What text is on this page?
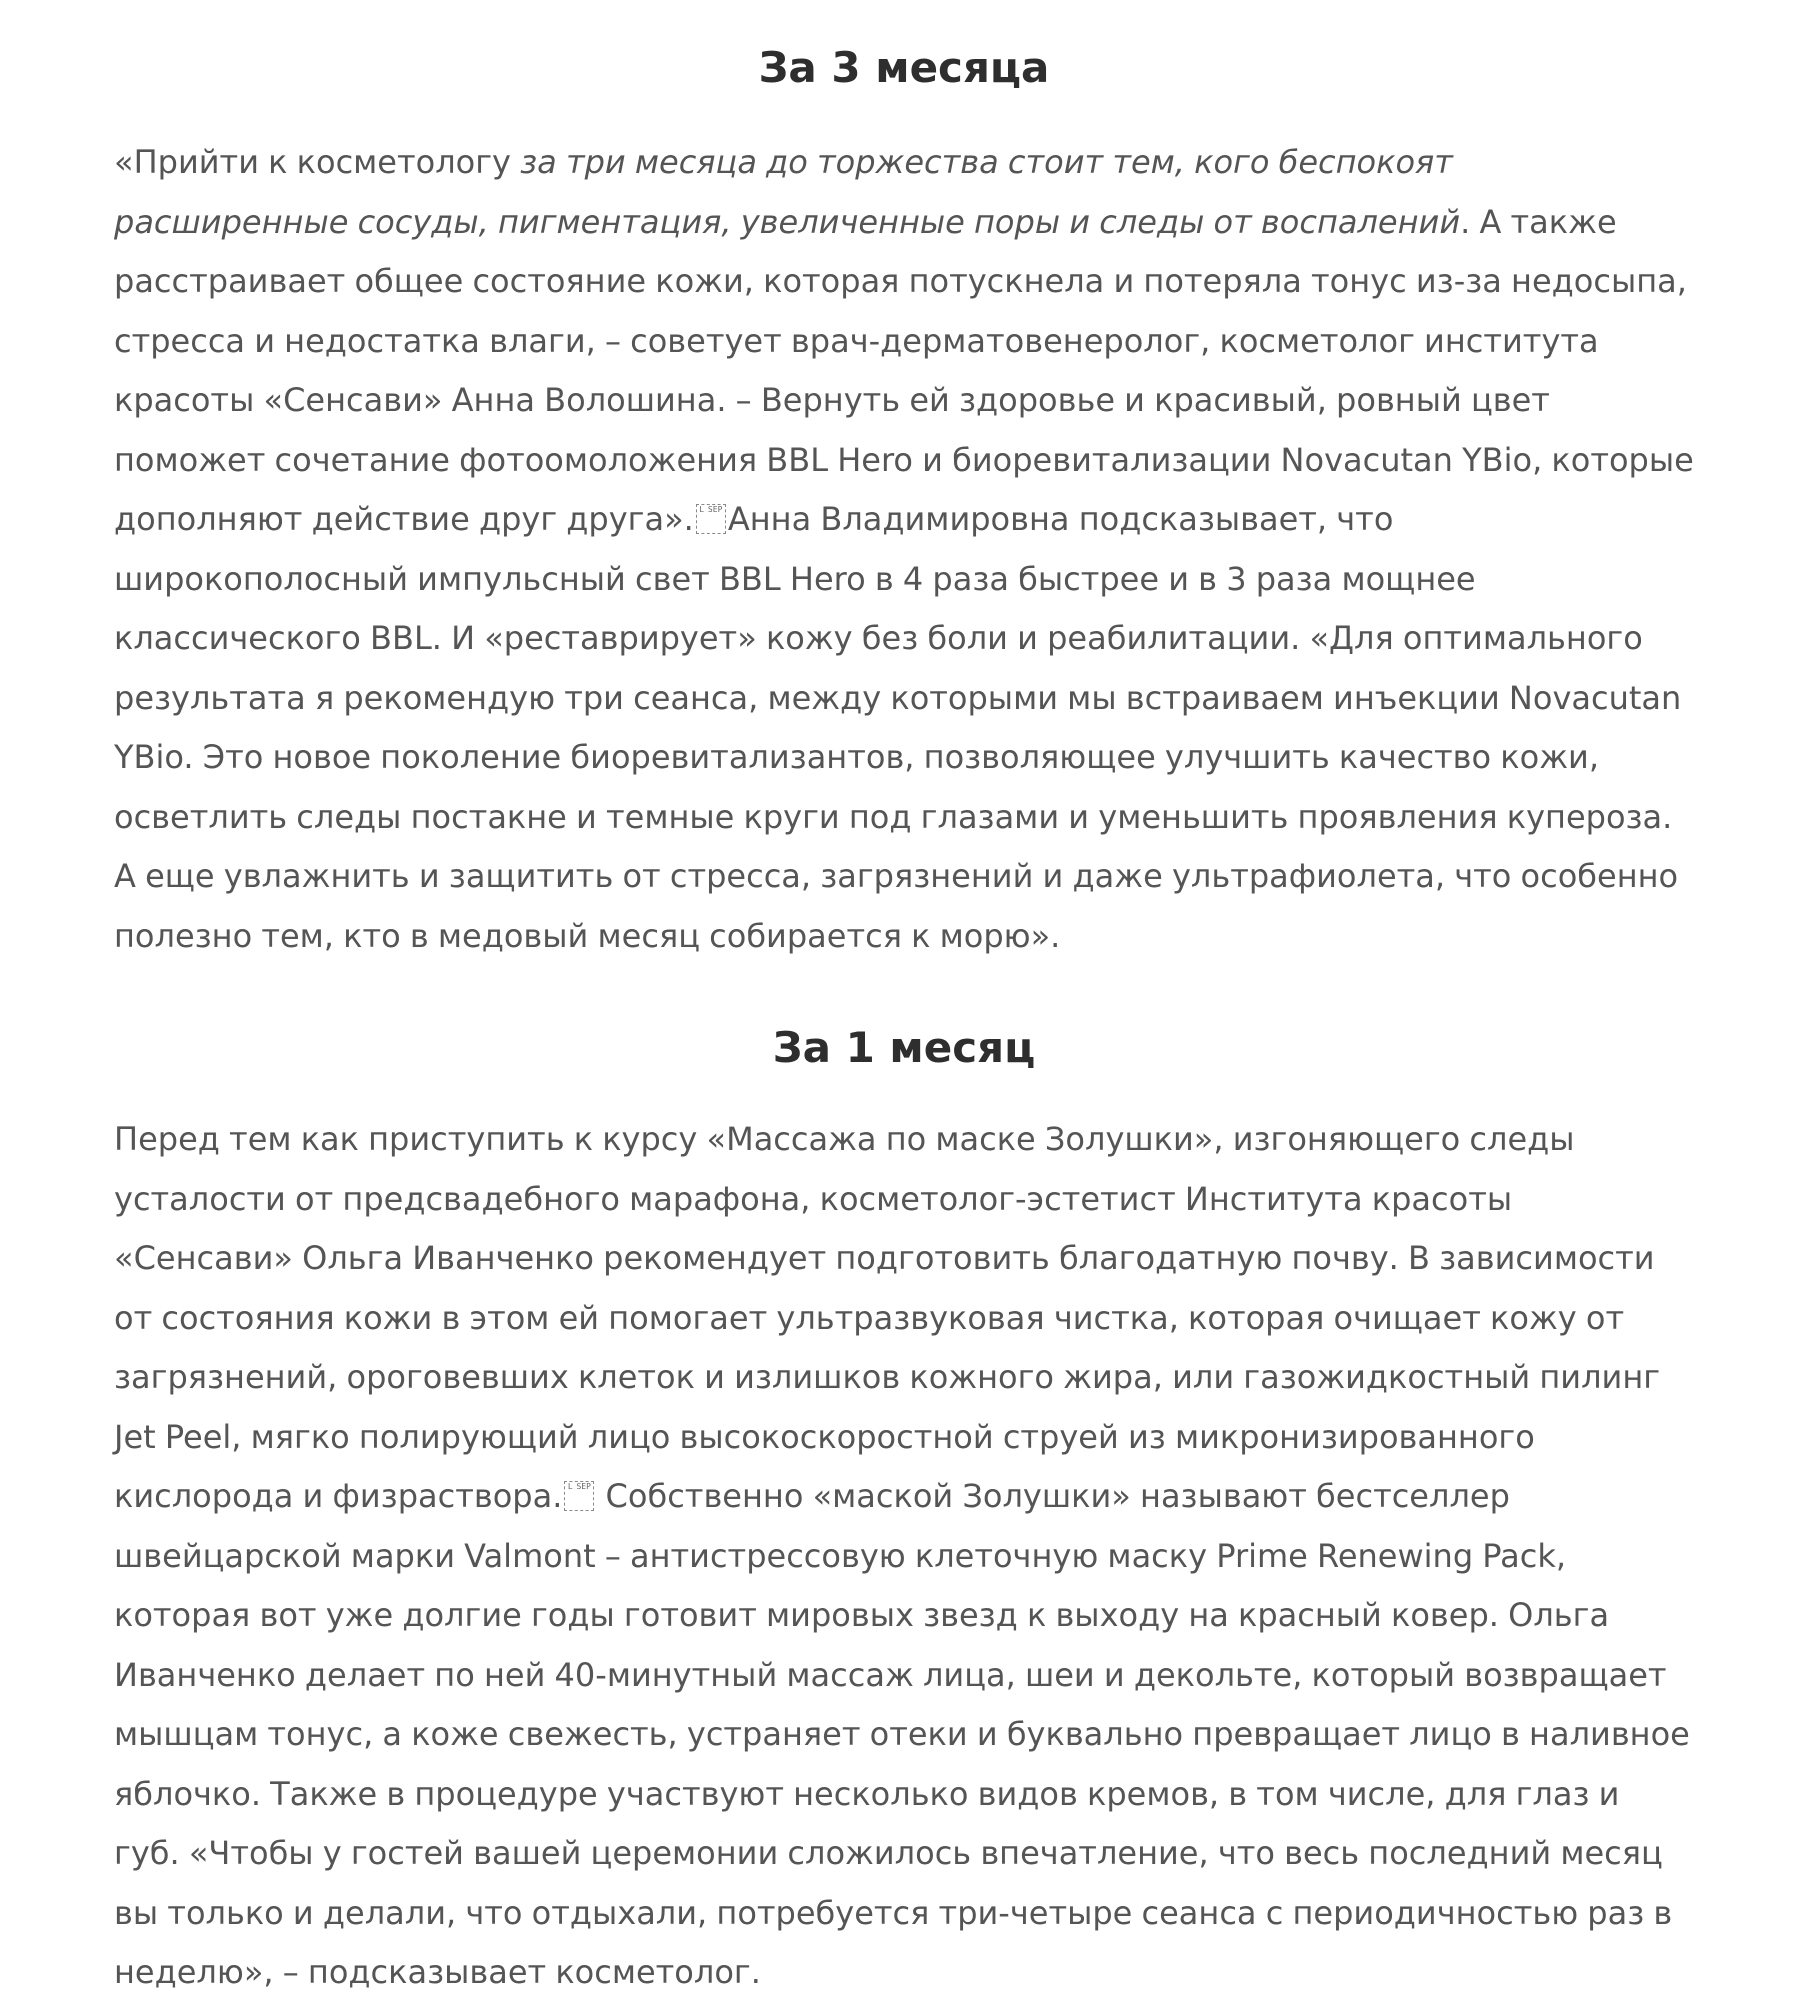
За 3 месяца

«Прийти к косметологу за три месяца до торжества стоит тем, кого беспокоят расширенные сосуды, пигментация, увеличенные поры и следы от воспалений. А также расстраивает общее состояние кожи, которая потускнела и потеряла тонус из-за недосыпа, стресса и недостатка влаги, – советует врач-дерматовенеролог, косметолог института красоты «Сенсави» Анна Волошина. – Вернуть ей здоровье и красивый, ровный цвет поможет сочетание фотоомоложения BBL Hero и биоревитализации Novacutan YBio, которые дополняют действие друг друга». L SEP Анна Владимировна подсказывает, что широкополосный импульсный свет BBL Hero в 4 раза быстрее и в 3 раза мощнее классического BBL. И «реставрирует» кожу без боли и реабилитации. «Для оптимального результата я рекомендую три сеанса, между которыми мы встраиваем инъекции Novacutan YBio. Это новое поколение биоревитализантов, позволяющее улучшить качество кожи, осветлить следы постакне и темные круги под глазами и уменьшить проявления купероза. А еще увлажнить и защитить от стресса, загрязнений и даже ультрафиолета, что особенно полезно тем, кто в медовый месяц собирается к морю».

За 1 месяц

Перед тем как приступить к курсу «Массажа по маске Золушки», изгоняющего следы усталости от предсвадебного марафона, косметолог-эстетист Института красоты «Сенсави» Ольга Иванченко рекомендует подготовить благодатную почву. В зависимости от состояния кожи в этом ей помогает ультразвуковая чистка, которая очищает кожу от загрязнений, ороговевших клеток и излишков кожного жира, или газожидкостный пилинг Jet Peel, мягко полирующий лицо высокоскоростной струей из микронизированного кислорода и физраствора. L SEP Собственно «маской Золушки» называют бестселлер швейцарской марки Valmont – антистрессовую клеточную маску Prime Renewing Pack, которая вот уже долгие годы готовит мировых звезд к выходу на красный ковер. Ольга Иванченко делает по ней 40-минутный массаж лица, шеи и декольте, который возвращает мышцам тонус, а коже свежесть, устраняет отеки и буквально превращает лицо в наливное яблочко. Также в процедуре участвуют несколько видов кремов, в том числе, для глаз и губ. «Чтобы у гостей вашей церемонии сложилось впечатление, что весь последний месяц вы только и делали, что отдыхали, потребуется три-четыре сеанса с периодичностью раз в неделю», – подсказывает косметолог.
